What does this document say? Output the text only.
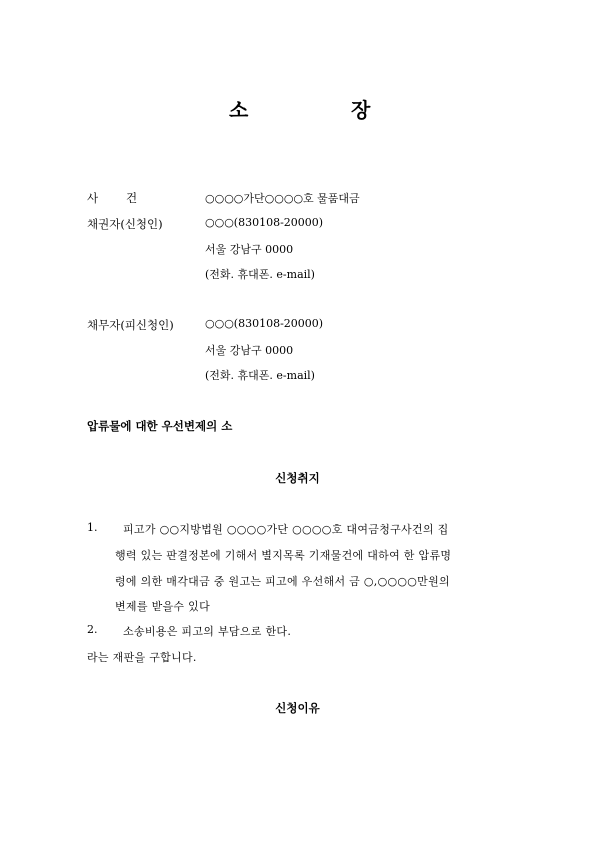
소	장
사 건	○○○○가단○○○○호 물품대금
채권자(신청인)	○○○(830108-20000)
서울 강남구 0000
(전화. 휴대폰. e-mail)
채무자(피신청인)	○○○(830108-20000)
서울 강남구 0000
(전화. 휴대폰. e-mail)
압류물에 대한 우선변제의 소
신청취지
1. 피고가 ○○지방법원 ○○○○가단 ○○○○호 대여금청구사건의 집
행력 있는 판결정본에 기해서 별지목록 기재물건에 대하여 한 압류명
령에 의한 매각대금 중 원고는 피고에 우선해서 금 ○,○○○○만원의
변제를 받을수 있다
2. 소송비용은 피고의 부담으로 한다.
라는 재판을 구합니다.
신청이유
